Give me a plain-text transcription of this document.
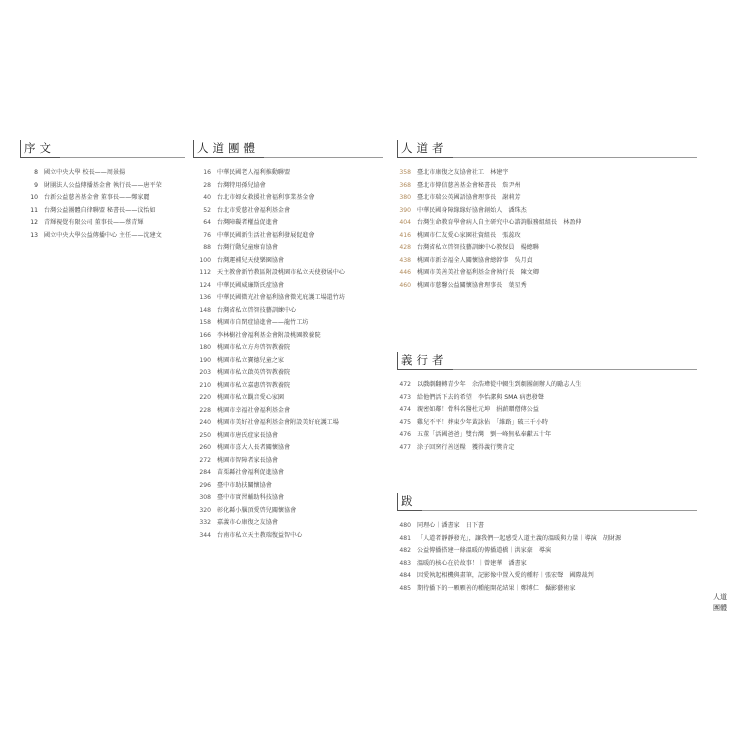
序文
8 國立中央大學 校長——周景揚
9 財團法人公益傳播基金會 執行長——唐平荣
10 台新公益慈善基金會 董事長——鄭家麗
11 台灣公益團體自律聯盟 秘書長——汶怡如
12 青輝視覺有限公司 董事長——蔡青輝
13 國立中央大學公益傳播中心 主任——沈建文
人道團體
16 中華民國老人福利推動聯盟
28 台灣特用孫兒協會
40 台北市婦女救援社會福利事業基金會
52 台北市愛慈社會福利基金會
64 台灣障礙者權益促進會
76 中華民國新生活社會福利發展促進會
88 台灣行動兒童療育協會
100 台灣運補兒天使樂園協會
112 天主教會新竹教區附設桃園市私立天使發展中心
124 中華民國威廉斯氏症協會
136 中華民國微光社會福利協會微光庇護工場還竹坊
148 台灣省私立啓智技藝訓練中心
158 桃園市自閉症協進會——龍竹工坊
166 李林樹社會福利基金會附設桃園教養院
180 桃園市私立方舟啓智教養院
190 桃園市私立寶德兒童之家
203 桃園市私立啟英啓智教養院
210 桃園市私立嘉惠啓智教養院
220 桃園市私立觀音愛心家園
228 桃園市幸福社會福利基金會
240 桃園市美好社會福利基金會附設美好庇護工場
250 桃園市唐氏症家長協會
260 桃園市喜大人長者關懷協會
272 桃園市智障者家長協會
284 苗栗縣社會福利促進協會
296 臺中市助扶關懷協會
308 臺中市實習輔助科技協會
320 彰化縣小腦頂愛啓兒關懷協會
332 嘉義市心康復之友協會
344 台南市私立天主教瑞復益智中心
人道者
358 臺北市康復之友協會社工　林建宇
368 臺北市傳信慈善基金會秘書長　詹尹州
380 臺北市瑞公英國語協會理事長　謝莉芳
390 中華民國身障緣緣好協會創始人　潘珠杰
404 台灣生命教育學會病人自主研究中心諮詢服務組組長　林盈伸
416 桃園市仁友愛心家園社資組長　張蕊玫
428 台灣省私立啓智技藝訓練中心教保員　楊總聯
438 桃園市新幸福全人關懷協會總幹事　吳月貞
446 桃園市美善美社會福利基金會執行長　陳文卿
460 桃園市慈馨公益關懷協會理事長　葉星秀
義行者
472 以戲劇翻轉青少年　余浩瑋從中輟生到劇團創辦人的勵志人生
473 給他們活下去的希望　李怡潔與 SMA 病患發聲
474 親密如鄰！骨科名醫杜元坤　捐薪贈僧傳公益
475 雞兒不平！葬東少年黃詠佑　「維路」破三千小時
476 五董「活國爸爸」雙台灣　劉一峰無私奉獻五十年
477 涂子回窯行善送糧　獲得義行獎肯定
跋
480 同理心｜潘書家　日下書
481 「人道者靜靜發光」，讓我們一起感受人道主義的溫暖與力量｜導演　胡財源
482 公益傳播搭建一條溫暖的傳播道橋｜洪家豪　導演
483 溫暖的核心在於故事！｜曾建華　潘書家
484 因愛執起相機與畫筆，記影像中置入愛的種籽｜張宏聲　國際裁判
485 期待播下的一顆顆善的種能開花結果｜鄭博仁　攝影藝術家
人道
團體
